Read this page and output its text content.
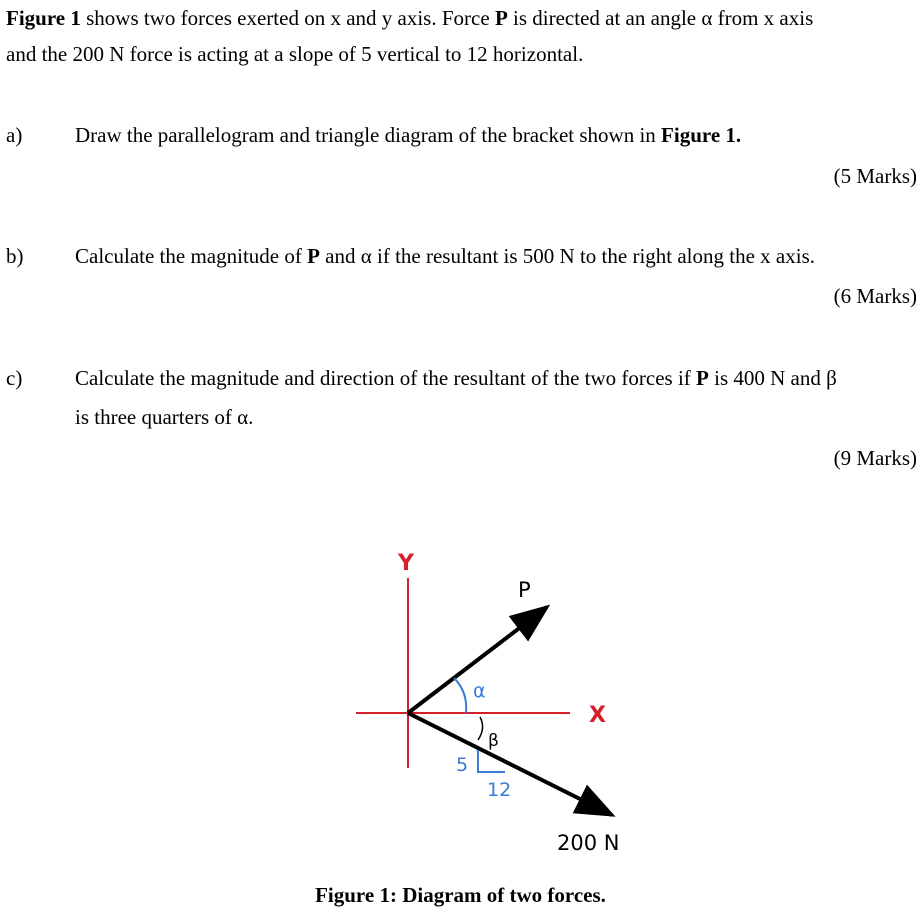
Figure 1 shows two forces exerted on x and y axis. Force P is directed at an angle α from x axis
and the 200 N force is acting at a slope of 5 vertical to 12 horizontal.
a)	Draw the parallelogram and triangle diagram of the bracket shown in Figure 1.
(5 Marks)
b) Calculate the magnitude of P and α if the resultant is 500 N to the right along the x axis.
(6 Marks)
c)	Calculate the magnitude and direction of the resultant of the two forces if P is 400 N and β
is three quarters of α.
(9 Marks)
Y
X
P
200 N
α
β
5
12
Figure 1: Diagram of two forces.
